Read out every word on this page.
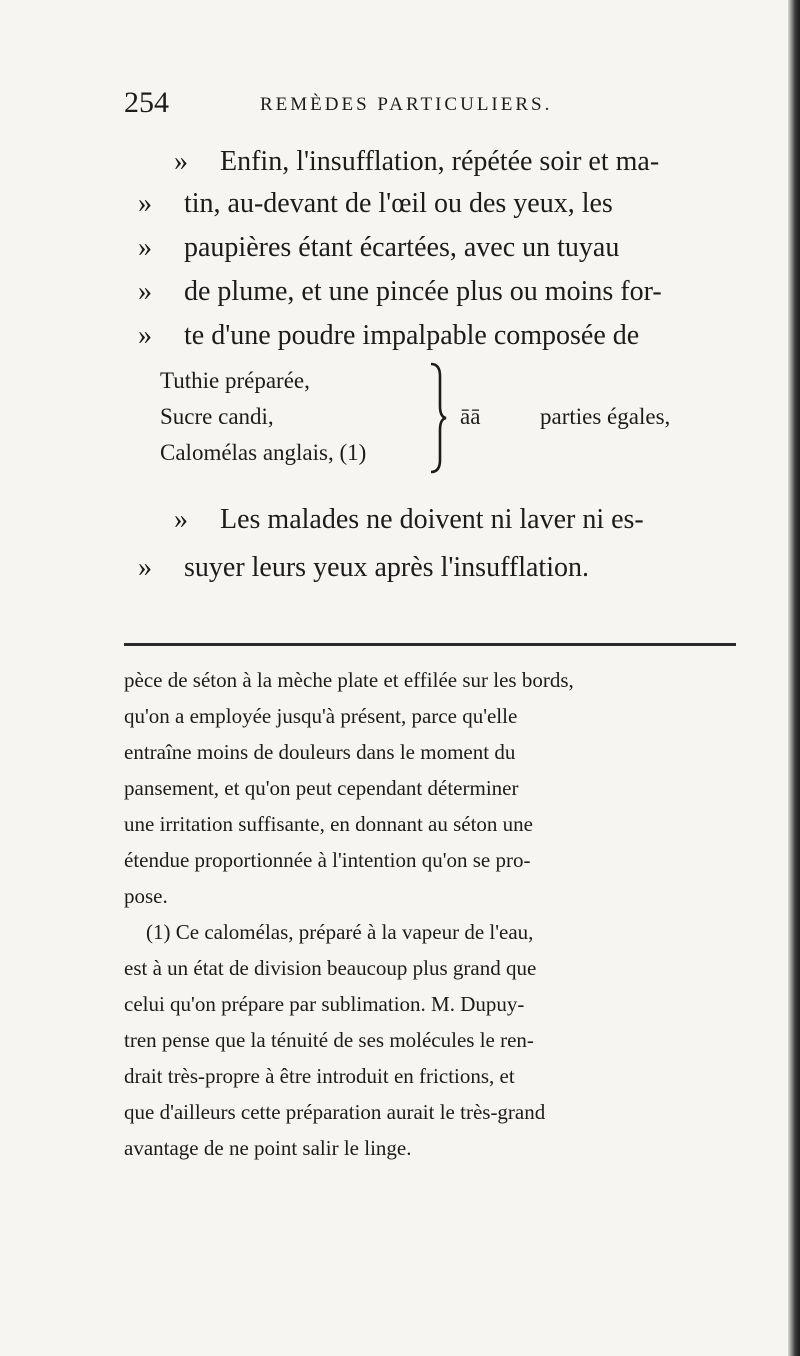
254	REMÈDES PARTICULIERS.
» Enfin, l'insufflation, répétée soir et ma-
» tin, au-devant de l'œil ou des yeux, les
» paupières étant écartées, avec un tuyau
» de plume, et une pincée plus ou moins for-
» te d'une poudre impalpable composée de
Tuthie préparée,
Sucre candi,
Calomélas anglais, (1)
āā	parties égales,
» Les malades ne doivent ni laver ni es-
» suyer leurs yeux après l'insufflation.
pèce de séton à la mèche plate et effilée sur les bords,
qu'on a employée jusqu'à présent, parce qu'elle
entraîne moins de douleurs dans le moment du
pansement, et qu'on peut cependant déterminer
une irritation suffisante, en donnant au séton une
étendue proportionnée à l'intention qu'on se pro-
pose.
(1) Ce calomélas, préparé à la vapeur de l'eau,
est à un état de division beaucoup plus grand que
celui qu'on prépare par sublimation. M. Dupuy-
tren pense que la ténuité de ses molécules le ren-
drait très-propre à être introduit en frictions, et
que d'ailleurs cette préparation aurait le très-grand
avantage de ne point salir le linge.
